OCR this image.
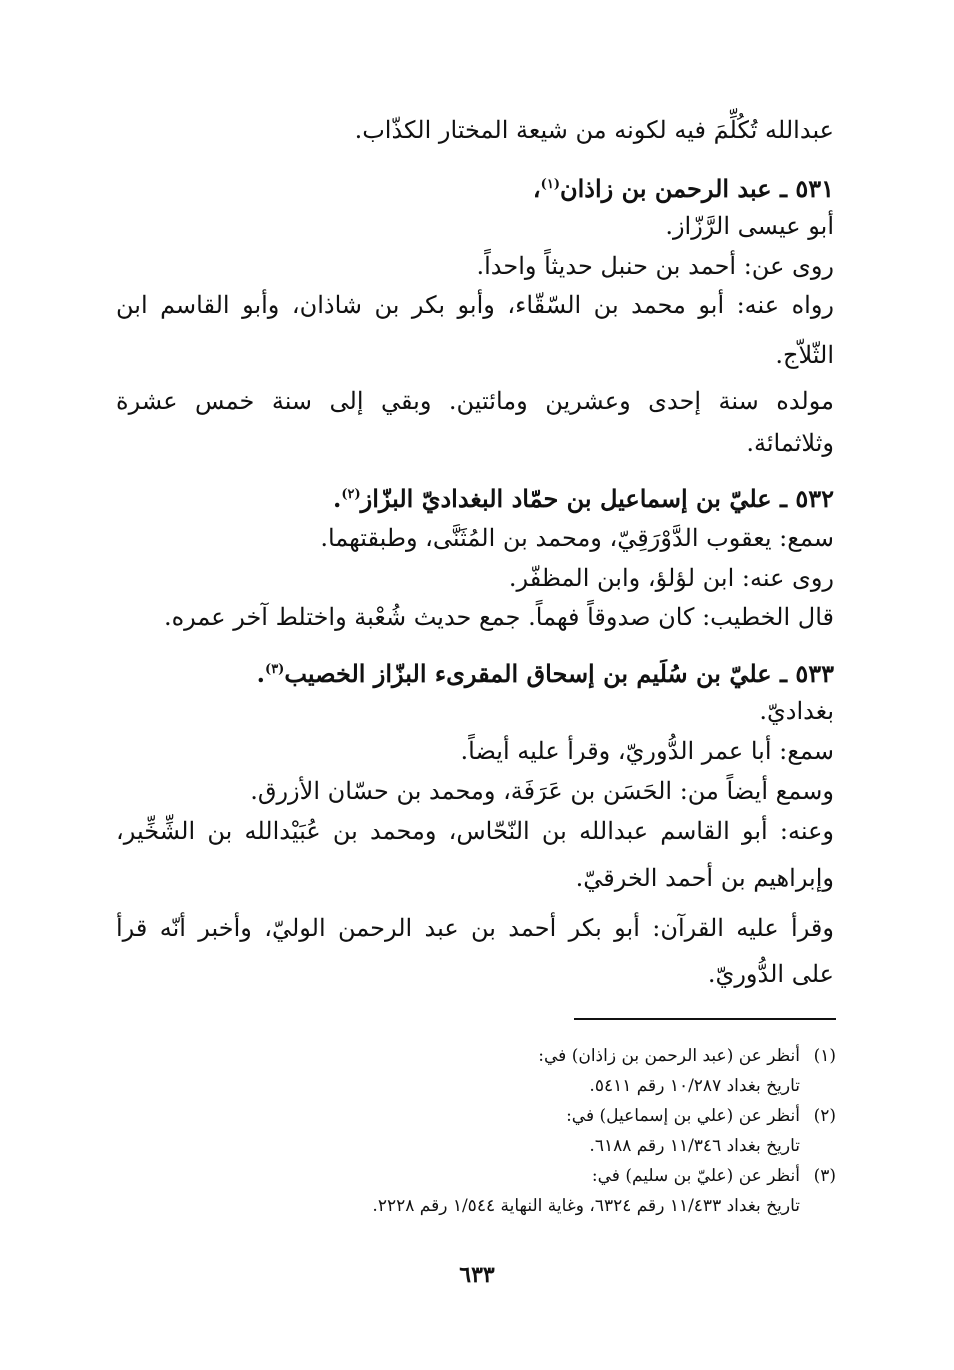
عبدالله تُكُلِّمَ فيه لكونه من شيعة المختار الكذّاب.
٥٣١ ـ عبد الرحمن بن زاذان$^{(١)}$،
أبو عيسى الرَّزّاز.
روى عن: أحمد بن حنبل حديثاً واحداً.
رواه عنه: أبو محمد بن السّقّاء، وأبو بكر بن شاذان، وأبو القاسم ابن
الثّلاّج.
مولده سنة إحدى وعشرين ومائتين. وبقي إلى سنة خمس عشرة
وثلاثمائة.
٥٣٢ ـ عليّ بن إسماعيل بن حمّاد البغداديّ البزّاز$^{(٢)}$.
سمع: يعقوب الدَّوْرَقِيّ، ومحمد بن المُثَنَّى، وطبقتهما.
روى عنه: ابن لؤلؤ، وابن المظفّر.
قال الخطيب: كان صدوقاً فهماً. جمع حديث شُعْبة واختلط آخر عمره.
٥٣٣ ـ عليّ بن سُلَيم بن إسحاق المقرىء البزّاز الخصيب$^{(٣)}$.
بغداديّ.
سمع: أبا عمر الدُّوريّ، وقرأ عليه أيضاً.
وسمع أيضاً من: الحَسَن بن عَرَفَة، ومحمد بن حسّان الأزرق.
وعنه: أبو القاسم عبدالله بن النّحّاس، ومحمد بن عُبَيْدالله بن الشِّخِّير،
وإبراهيم بن أحمد الخرقيّ.
وقرأ عليه القرآن: أبو بكر أحمد بن عبد الرحمن الوليّ، وأخبر أنّه قرأ
على الدُّوريّ.
(١)أنظر عن (عبد الرحمن بن زاذان) في:
تاريخ بغداد ١٠/٢٨٧ رقم ٥٤١١.
(٢)أنظر عن (علي بن إسماعيل) في:
تاريخ بغداد ١١/٣٤٦ رقم ٦١٨٨.
(٣)أنظر عن (عليّ بن سليم) في:
تاريخ بغداد ١١/٤٣٣ رقم ٦٣٢٤، وغاية النهاية ١/٥٤٤ رقم ٢٢٢٨.
٦٣٣
